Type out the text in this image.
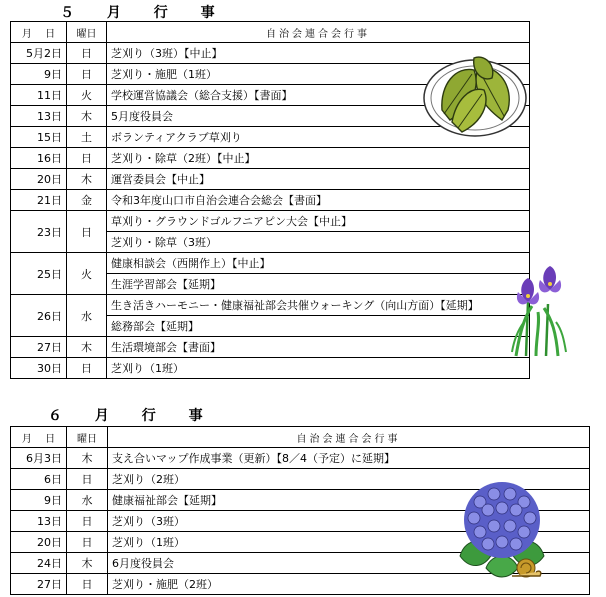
５ 月 行 事
月　 日	曜日	自治会連合会行事
5月2日	日	芝刈り（3班）【中止】
9日	日	芝刈り・施肥（1班）
11日	火	学校運営協議会（総合支援）【書面】
13日	木	5月度役員会
15日	土	ボランティアクラブ草刈り
16日	日	芝刈り・除草（2班）【中止】
20日	木	運営委員会【中止】
21日	金	令和3年度山口市自治会連合会総会【書面】
23日	日	草刈り・グラウンドゴルフニアピン大会【中止】
		芝刈り・除草（3班）
25日	火	健康相談会（西開作上）【中止】
		生涯学習部会【延期】
26日	水	生き活きハーモニー・健康福祉部会共催ウォーキング（向山方面）【延期】
		総務部会【延期】
27日	木	生活環境部会【書面】
30日	日	芝刈り（1班）
６ 月 行 事
月　 日	曜日	自治会連合会行事
6月3日	木	支え合いマップ作成事業（更新）【8／4（予定）に延期】
6日	日	芝刈り（2班）
9日	水	健康福祉部会【延期】
13日	日	芝刈り（3班）
20日	日	芝刈り（1班）
24日	木	6月度役員会
27日	日	芝刈り・施肥（2班）
